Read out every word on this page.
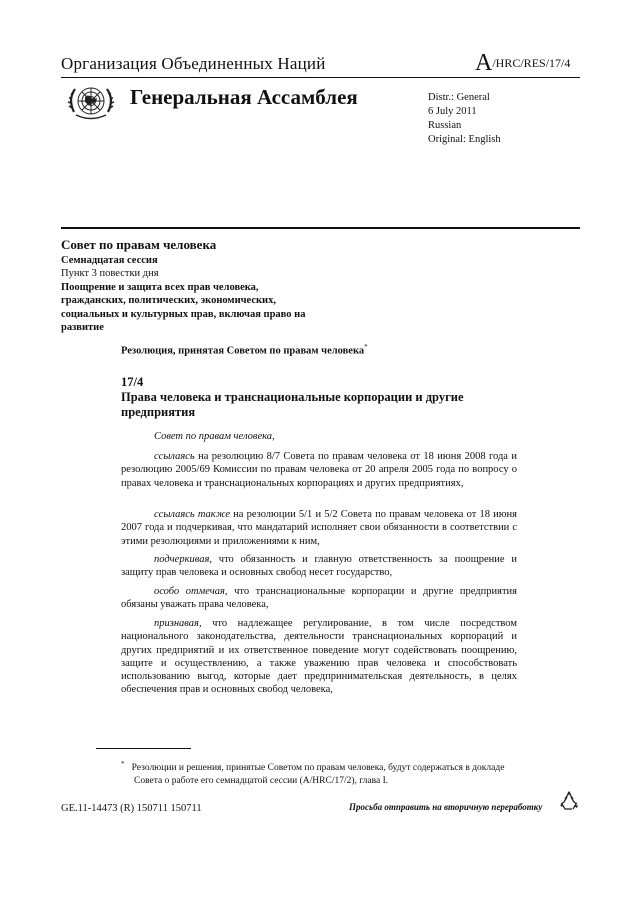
Организация Объединенных Наций	A/HRC/RES/17/4
Генеральная Ассамблея	Distr.: General
6 July 2011
Russian
Original: English
Совет по правам человека
Семнадцатая сессия
Пункт 3 повестки дня
Поощрение и защита всех прав человека, гражданских, политических, экономических, социальных и культурных прав, включая право на развитие
Резолюция, принятая Советом по правам человека*
17/4
Права человека и транснациональные корпорации и другие предприятия
Совет по правам человека,
ссылаясь на резолюцию 8/7 Совета по правам человека от 18 июня 2008 года и резолюцию 2005/69 Комиссии по правам человека от 20 апреля 2005 года по вопросу о правах человека и транснациональных корпорациях и других предприятиях,
ссылаясь также на резолюции 5/1 и 5/2 Совета по правам человека от 18 июня 2007 года и подчеркивая, что мандатарий исполняет свои обязанности в соответствии с этими резолюциями и приложениями к ним,
подчеркивая, что обязанность и главную ответственность за поощрение и защиту прав человека и основных свобод несет государство,
особо отмечая, что транснациональные корпорации и другие предприятия обязаны уважать права человека,
признавая, что надлежащее регулирование, в том числе посредством национального законодательства, деятельности транснациональных корпораций и других предприятий и их ответственное поведение могут содействовать поощрению, защите и осуществлению, а также уважению прав человека и способствовать использованию выгод, которые дает предпринимательская деятельность, в целях обеспечения прав и основных свобод человека,
* Резолюции и решения, принятые Советом по правам человека, будут содержаться в докладе Совета о работе его семнадцатой сессии (A/HRC/17/2), глава I.
GE.11-14473 (R) 150711 150711	Просьба отправить на вторичную переработку
